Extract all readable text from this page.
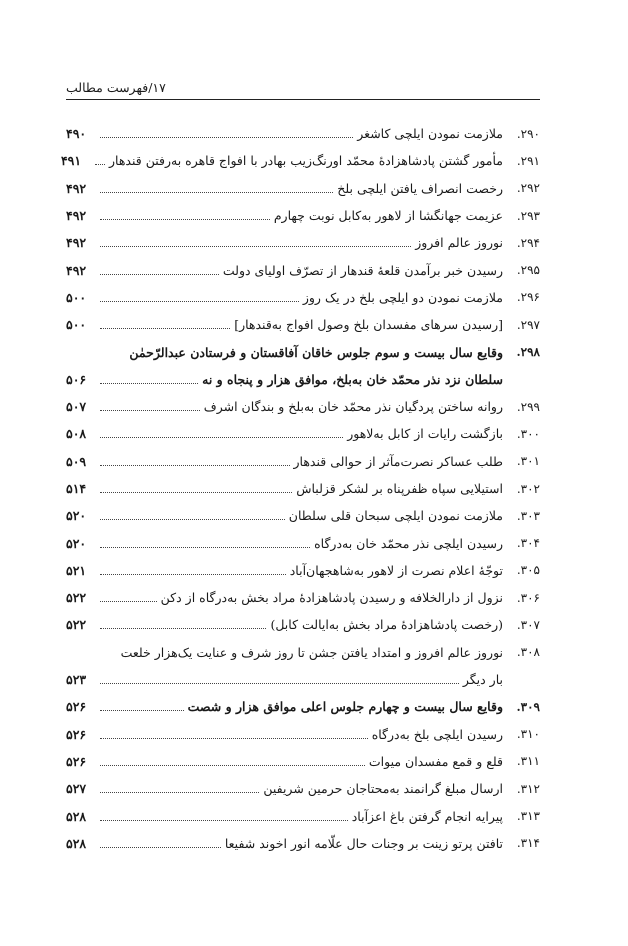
۱۷/فهرست مطالب
۲۹۰.
ملازمت نمودن ایلچی کاشغر
۴۹۰
۲۹۱.
مأمور گشتن پادشاهزادهٔ محمّد اورنگ‌زیب بهادر با افواج قاهره به‌رفتن قندهار
۴۹۱
۲۹۲.
رخصت انصراف یافتن ایلچی بلخ
۴۹۲
۲۹۳.
عزیمت جهانگشا از لاهور به‌کابل نوبت چهارم
۴۹۲
۲۹۴.
نوروز عالم افروز
۴۹۲
۲۹۵.
رسیدن خبر برآمدن قلعهٔ قندهار از تصرّف اولیای دولت
۴۹۲
۲۹۶.
ملازمت نمودن دو ایلچی بلخ در یک روز
۵۰۰
۲۹۷.
[رسیدن سرهای مفسدان بلخ وصول افواج به‌قندهار]
۵۰۰
۲۹۸.
وقایع سال بیست و سوم جلوس خاقان آفاقستان و فرستادن عبدالرّحمٰن
سلطان نزد نذر محمّد خان به‌بلخ، موافق هزار و پنجاه و نه
۵۰۶
۲۹۹.
روانه ساختن پردگیان نذر محمّد خان به‌بلخ و بندگان اشرف
۵۰۷
۳۰۰.
بازگشت رایات از کابل به‌لاهور
۵۰۸
۳۰۱.
طلب عساکر نصرت‌مآثر از حوالی قندهار
۵۰۹
۳۰۲.
استیلایی سپاه ظفرپناه بر لشکر قزلباش
۵۱۴
۳۰۳.
ملازمت نمودن ایلچی سبحان قلی سلطان
۵۲۰
۳۰۴.
رسیدن ایلچی نذر محمّد خان به‌درگاه
۵۲۰
۳۰۵.
توجّهٔ اعلام نصرت از لاهور به‌شاهجهان‌آباد
۵۲۱
۳۰۶.
نزول از دارالخلافه و رسیدن پادشاهزادهٔ مراد بخش به‌درگاه از دکن
۵۲۲
۳۰۷.
(رخصت پادشاهزادهٔ مراد بخش به‌ایالت کابل)
۵۲۲
۳۰۸.
نوروز عالم افروز و امتداد یافتن جشن تا روز شرف و عنایت یک‌هزار خلعت
بار دیگر
۵۲۳
۳۰۹.
وقایع سال بیست و چهارم جلوس اعلی موافق هزار و شصت
۵۲۶
۳۱۰.
رسیدن ایلچی بلخ به‌درگاه
۵۲۶
۳۱۱.
قلع و قمع مفسدان میوات
۵۲۶
۳۱۲.
ارسال مبلغ گرانمند به‌محتاجان حرمین شریفین
۵۲۷
۳۱۳.
پیرایه انجام گرفتن باغ اعزآباد
۵۲۸
۳۱۴.
تافتن پرتو زینت بر وجنات حال علّامه انور اخوند شفیعا
۵۲۸
